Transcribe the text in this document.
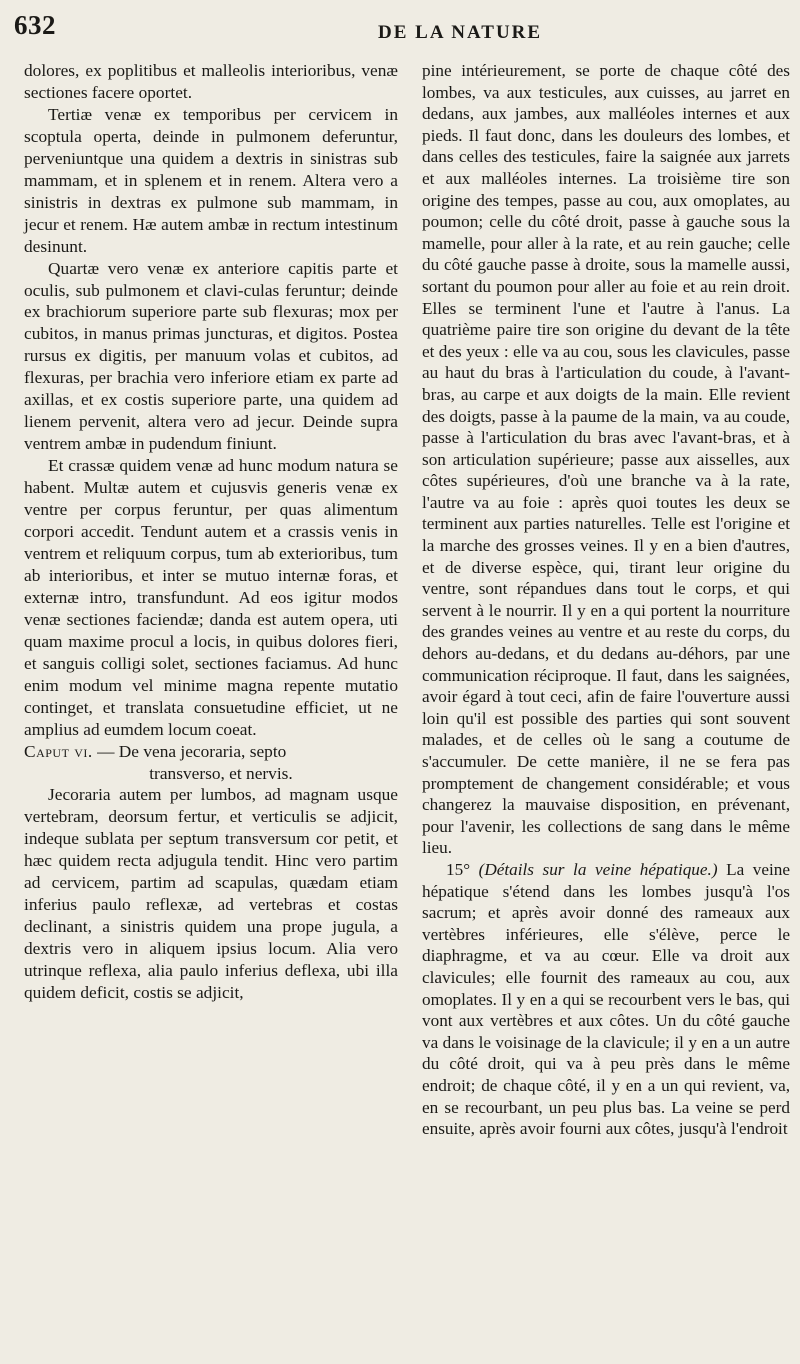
632	DE LA NATURE

dolores, ex poplitibus et malleolis interioribus, venæ sectiones facere oportet.

Tertiæ venæ ex temporibus per cervicem in scoptula operta, deinde in pulmonem deferuntur, perveniuntque una quidem a dextris in sinistras sub mammam, et in splenem et in renem. Altera vero a sinistris in dextras ex pulmone sub mammam, in jecur et renem. Hæ autem ambæ in rectum intestinum desinunt.

Quartæ vero venæ ex anteriore capitis parte et oculis, sub pulmonem et clavi-culas feruntur; deinde ex brachiorum superiore parte sub flexuras; mox per cubitos, in manus primas juncturas, et digitos. Postea rursus ex digitis, per manuum volas et cubitos, ad flexuras, per brachia vero inferiore etiam ex parte ad axillas, et ex costis superiore parte, una quidem ad lienem pervenit, altera vero ad jecur. Deinde supra ventrem ambæ in pudendum finiunt.

Et crassæ quidem venæ ad hunc modum natura se habent. Multæ autem et cujusvis generis venæ ex ventre per corpus feruntur, per quas alimentum corpori accedit. Tendunt autem et a crassis venis in ventrem et reliquum corpus, tum ab exterioribus, tum ab interioribus, et inter se mutuo internæ foras, et externæ intro, transfundunt. Ad eos igitur modos venæ sectiones faciendæ; danda est autem opera, uti quam maxime procul a locis, in quibus dolores fieri, et sanguis colligi solet, sectiones faciamus. Ad hunc enim modum vel minime magna repente mutatio continget, et translata consuetudine efficiet, ut ne amplius ad eumdem locum coeat.

Caput vi. — De vena jecoraria, septo
transverso, et nervis.

Jecoraria autem per lumbos, ad magnam usque vertebram, deorsum fertur, et verticulis se adjicit, indeque sublata per septum transversum cor petit, et hæc quidem recta adjugula tendit. Hinc vero partim ad cervicem, partim ad scapulas, quædam etiam inferius paulo reflexæ, ad vertebras et costas declinant, a sinistris quidem una prope jugula, a dextris vero in aliquem ipsius locum. Alia vero utrinque reflexa, alia paulo inferius deflexa, ubi illa quidem deficit, costis se adjicit,

pine intérieurement, se porte de chaque côté des lombes, va aux testicules, aux cuisses, au jarret en dedans, aux jambes, aux malléoles internes et aux pieds. Il faut donc, dans les douleurs des lombes, et dans celles des testicules, faire la saignée aux jarrets et aux malléoles internes. La troisième tire son origine des tempes, passe au cou, aux omoplates, au poumon; celle du côté droit, passe à gauche sous la mamelle, pour aller à la rate, et au rein gauche; celle du côté gauche passe à droite, sous la mamelle aussi, sortant du poumon pour aller au foie et au rein droit. Elles se terminent l'une et l'autre à l'anus. La quatrième paire tire son origine du devant de la tête et des yeux : elle va au cou, sous les clavicules, passe au haut du bras à l'articulation du coude, à l'avant-bras, au carpe et aux doigts de la main. Elle revient des doigts, passe à la paume de la main, va au coude, passe à l'articulation du bras avec l'avant-bras, et à son articulation supérieure; passe aux aisselles, aux côtes supérieures, d'où une branche va à la rate, l'autre va au foie : après quoi toutes les deux se terminent aux parties naturelles. Telle est l'origine et la marche des grosses veines. Il y en a bien d'autres, et de diverse espèce, qui, tirant leur origine du ventre, sont répandues dans tout le corps, et qui servent à le nourrir. Il y en a qui portent la nourriture des grandes veines au ventre et au reste du corps, du dehors au-dedans, et du dedans au-déhors, par une communication réciproque. Il faut, dans les saignées, avoir égard à tout ceci, afin de faire l'ouverture aussi loin qu'il est possible des parties qui sont souvent malades, et de celles où le sang a coutume de s'accumuler. De cette manière, il ne se fera pas promptement de changement considérable; et vous changerez la mauvaise disposition, en prévenant, pour l'avenir, les collections de sang dans le même lieu.

15° (Détails sur la veine hépatique.) La veine hépatique s'étend dans les lombes jusqu'à l'os sacrum; et après avoir donné des rameaux aux vertèbres inférieures, elle s'élève, perce le diaphragme, et va au cœur. Elle va droit aux clavicules; elle fournit des rameaux au cou, aux omoplates. Il y en a qui se recourbent vers le bas, qui vont aux vertèbres et aux côtes. Un du côté gauche va dans le voisinage de la clavicule; il y en a un autre du côté droit, qui va à peu près dans le même endroit; de chaque côté, il y en a un qui revient, va, en se recourbant, un peu plus bas. La veine se perd ensuite, après avoir fourni aux côtes, jusqu'à l'endroit
